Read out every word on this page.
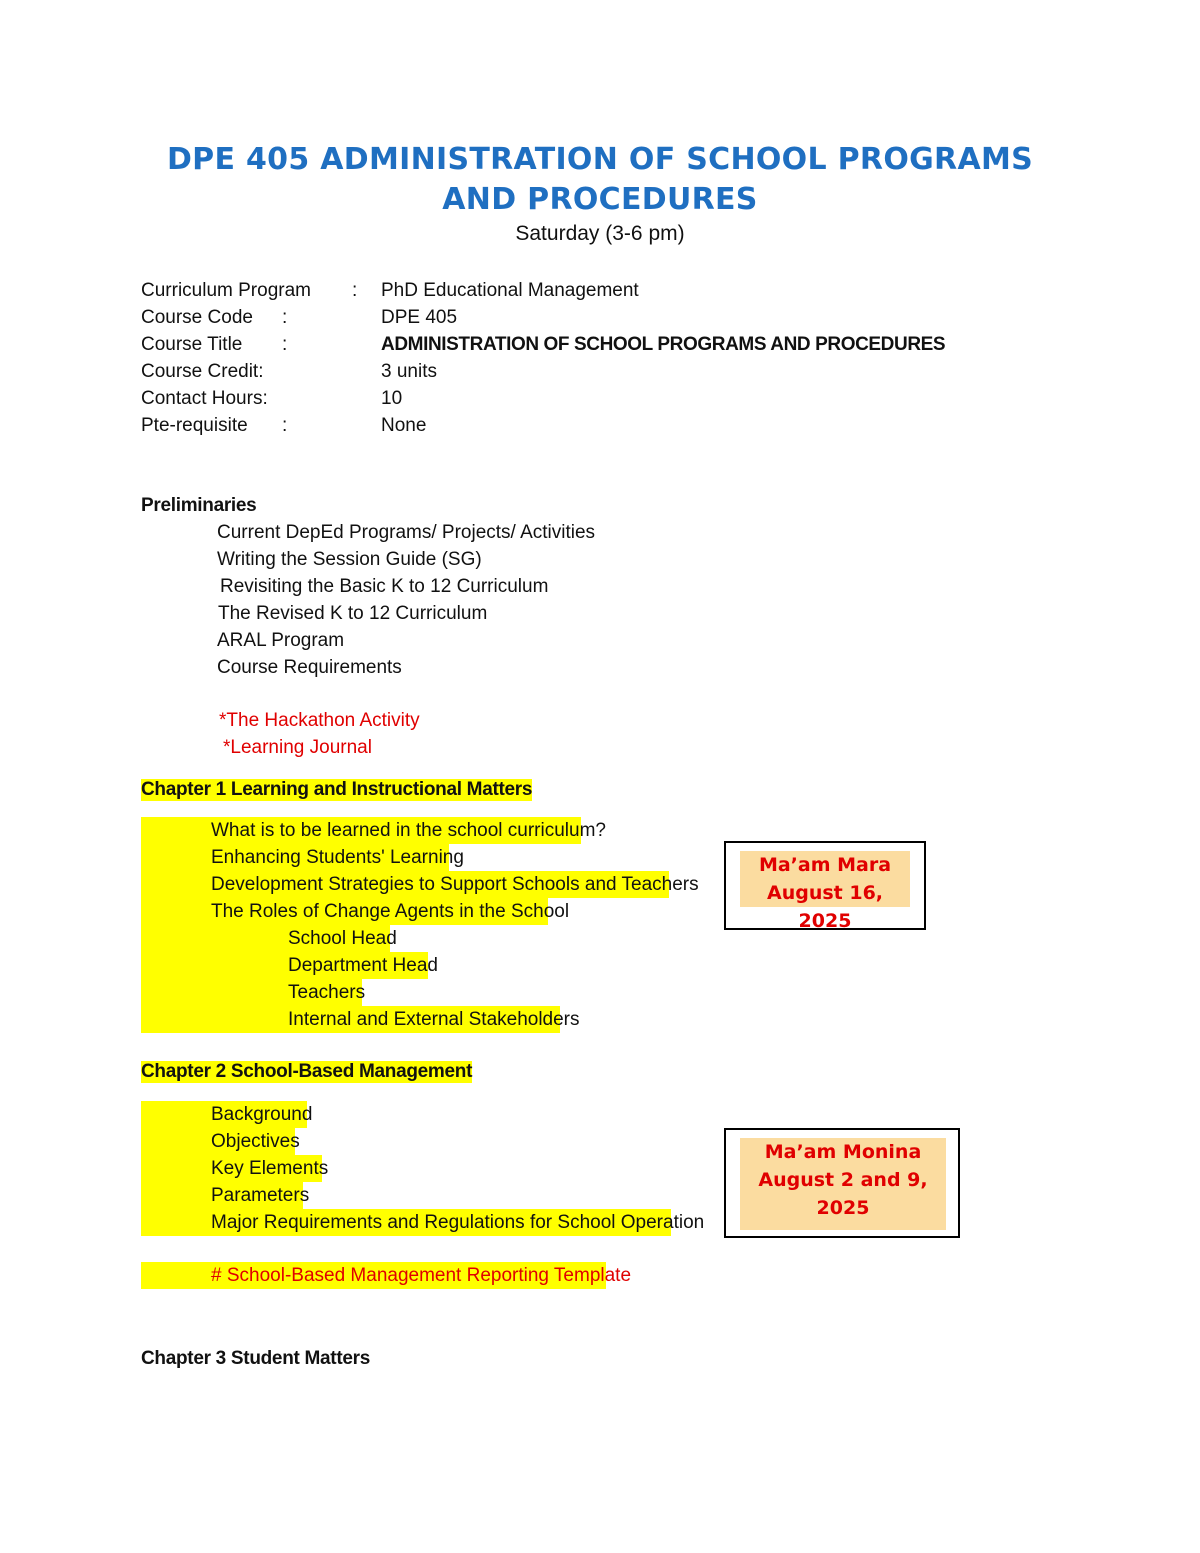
DPE 405 ADMINISTRATION OF SCHOOL PROGRAMS
AND PROCEDURES
Saturday (3-6 pm)
Curriculum Program : PhD Educational Management
Course Code :	DPE 405
Course Title :	ADMINISTRATION OF SCHOOL PROGRAMS AND PROCEDURES
Course Credit:	3 units
Contact Hours:	10
Pte-requisite :	None
Preliminaries
Current DepEd Programs/ Projects/ Activities
Writing the Session Guide (SG)
Revisiting the Basic K to 12 Curriculum
The Revised K to 12 Curriculum
ARAL Program
Course Requirements
*The Hackathon Activity
*Learning Journal
Chapter 1 Learning and Instructional Matters
What is to be learned in the school curriculum?
Enhancing Students' Learning
Development Strategies to Support Schools and Teachers
The Roles of Change Agents in the School
School Head
Department Head
Teachers
Internal and External Stakeholders
Ma’am Mara
August 16, 2025
Chapter 2 School-Based Management
Background
Objectives
Key Elements
Parameters
Major Requirements and Regulations for School Operation
# School-Based Management Reporting Template
Ma’am Monina
August 2 and 9, 2025
Chapter 3 Student Matters
